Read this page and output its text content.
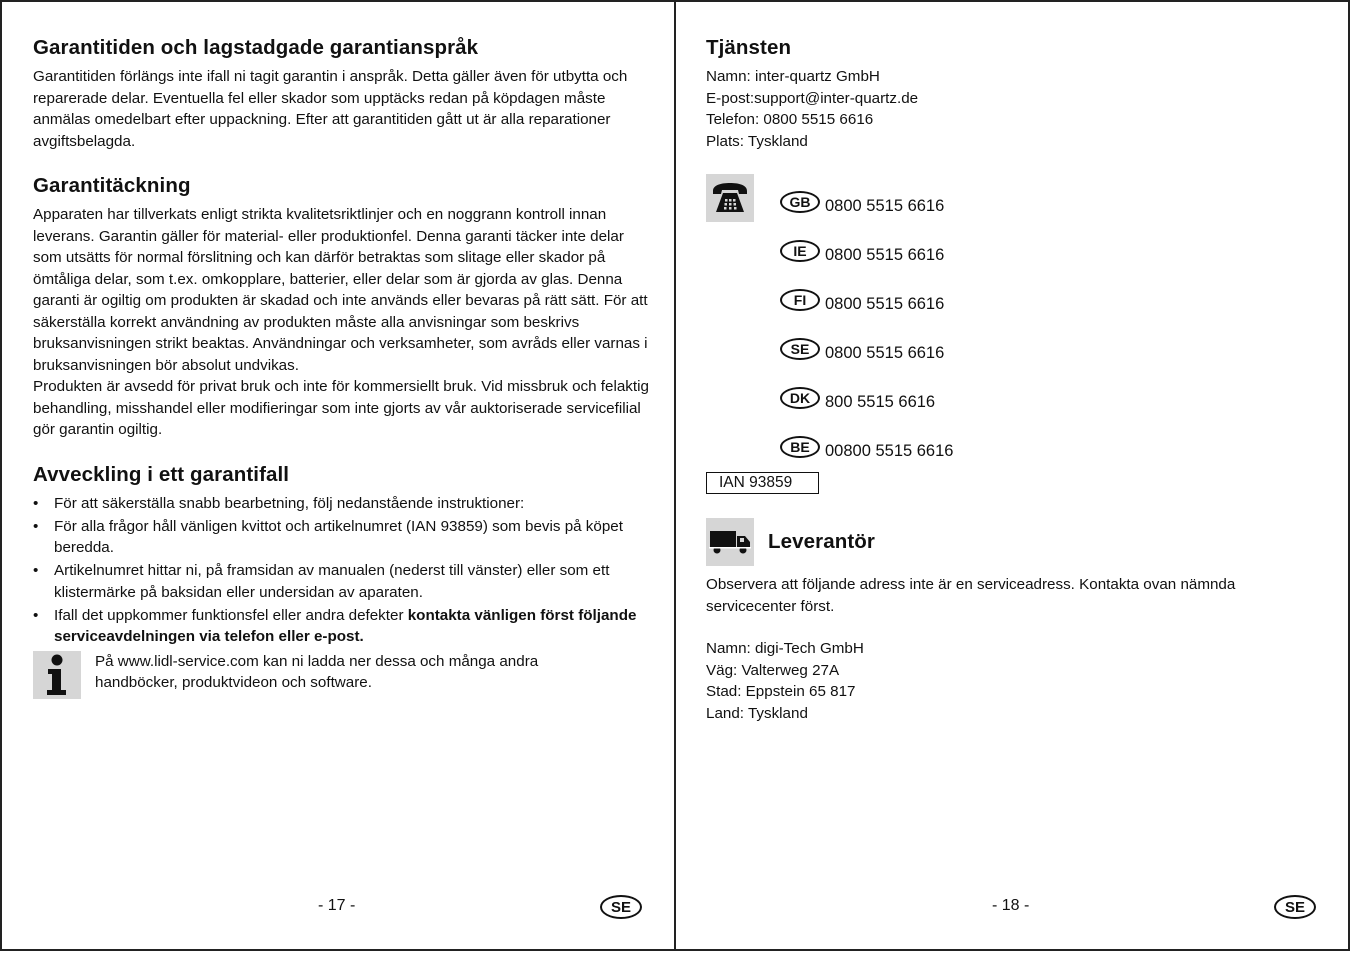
Garantitiden och lagstadgade garantianspråk

Garantitiden förlängs inte ifall ni tagit garantin i anspråk. Detta gäller även för utbytta och reparerade delar. Eventuella fel eller skador som upptäcks redan på köpdagen måste anmälas omedelbart efter uppackning. Efter att garantitiden gått ut är alla reparationer avgiftsbelagda.

Garantitäckning

Apparaten har tillverkats enligt strikta kvalitetsriktlinjer och en noggrann kontroll innan leverans. Garantin gäller för material- eller produktionfel. Denna garanti täcker inte delar som utsätts för normal förslitning och kan därför betraktas som slitage eller skador på ömtåliga delar, som t.ex. omkopplare, batterier, eller delar som är gjorda av glas. Denna garanti är ogiltig om produkten är skadad och inte används eller bevaras på rätt sätt. För att säkerställa korrekt användning av produkten måste alla anvisningar som beskrivs bruksanvisningen strikt beaktas. Användningar och verksamheter, som avråds eller varnas i bruksanvisningen bör absolut undvikas.

Produkten är avsedd för privat bruk och inte för kommersiellt bruk. Vid missbruk och felaktig behandling, misshandel eller modifieringar som inte gjorts av vår auktoriserade servicefilial gör garantin ogiltig.

Avveckling i ett garantifall
• För att säkerställa snabb bearbetning, följ nedanstående instruktioner:
• För alla frågor håll vänligen kvittot och artikelnumret (IAN 93859) som bevis på köpet beredda.
• Artikelnumret hittar ni, på framsidan av manualen (nederst till vänster) eller som ett klistermärke på baksidan eller undersidan av aparaten.
• Ifall det uppkommer funktionsfel eller andra defekter kontakta vänligen först följande serviceavdelningen via telefon eller e-post.

På www.lidl-service.com kan ni ladda ner dessa och många andra handböcker, produktvideon och software.

- 17 -	SE
Tjänsten

Namn: inter-quartz GmbH

E-post:support@inter-quartz.de

Telefon: 0800 5515 6616

Plats: Tyskland

GB 0800 5515 6616
IE	0800 5515 6616
FI	0800 5515 6616
SE 0800 5515 6616
DK 800 5515 6616
BE 00800 5515 6616
IAN 93859
Leverantör

Observera att följande adress inte är en serviceadress. Kontakta ovan nämnda servicecenter först.

Namn: digi-Tech GmbH

Väg: Valterweg 27A

Stad: Eppstein 65 817

Land: Tyskland

- 18 -	SE
